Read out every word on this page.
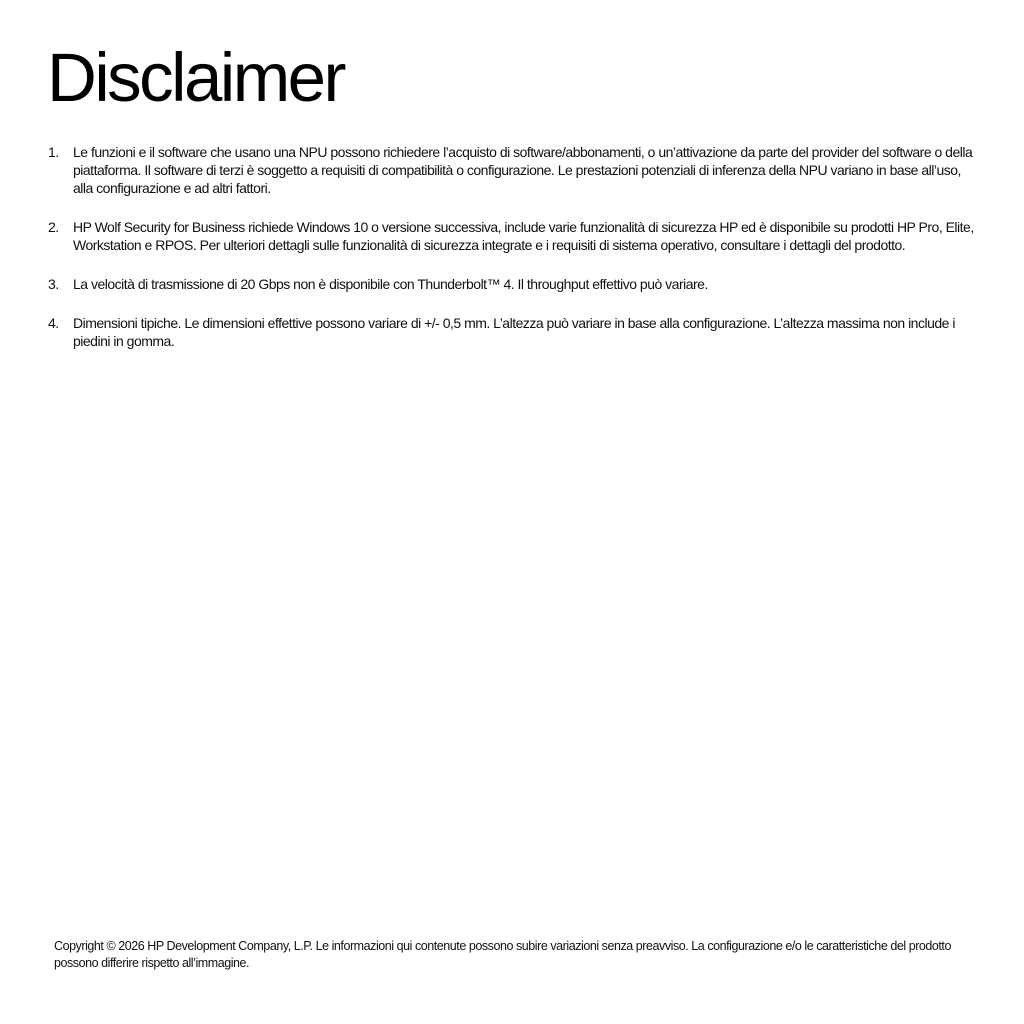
Disclaimer
1.	Le funzioni e il software che usano una NPU possono richiedere l’acquisto di software/abbonamenti, o un’attivazione da parte del provider del software o della piattaforma. Il software di terzi è soggetto a requisiti di compatibilità o configurazione. Le prestazioni potenziali di inferenza della NPU variano in base all’uso, alla configurazione e ad altri fattori.
2.	HP Wolf Security for Business richiede Windows 10 o versione successiva, include varie funzionalità di sicurezza HP ed è disponibile su prodotti HP Pro, Elite, Workstation e RPOS. Per ulteriori dettagli sulle funzionalità di sicurezza integrate e i requisiti di sistema operativo, consultare i dettagli del prodotto.
3.	La velocità di trasmissione di 20 Gbps non è disponibile con Thunderbolt™ 4. Il throughput effettivo può variare.
4.	Dimensioni tipiche. Le dimensioni effettive possono variare di +/- 0,5 mm. L’altezza può variare in base alla configurazione. L’altezza massima non include i piedini in gomma.

Copyright © 2026 HP Development Company, L.P. Le informazioni qui contenute possono subire variazioni senza preavviso. La configurazione e/o le caratteristiche del prodotto possono differire rispetto all’immagine.
